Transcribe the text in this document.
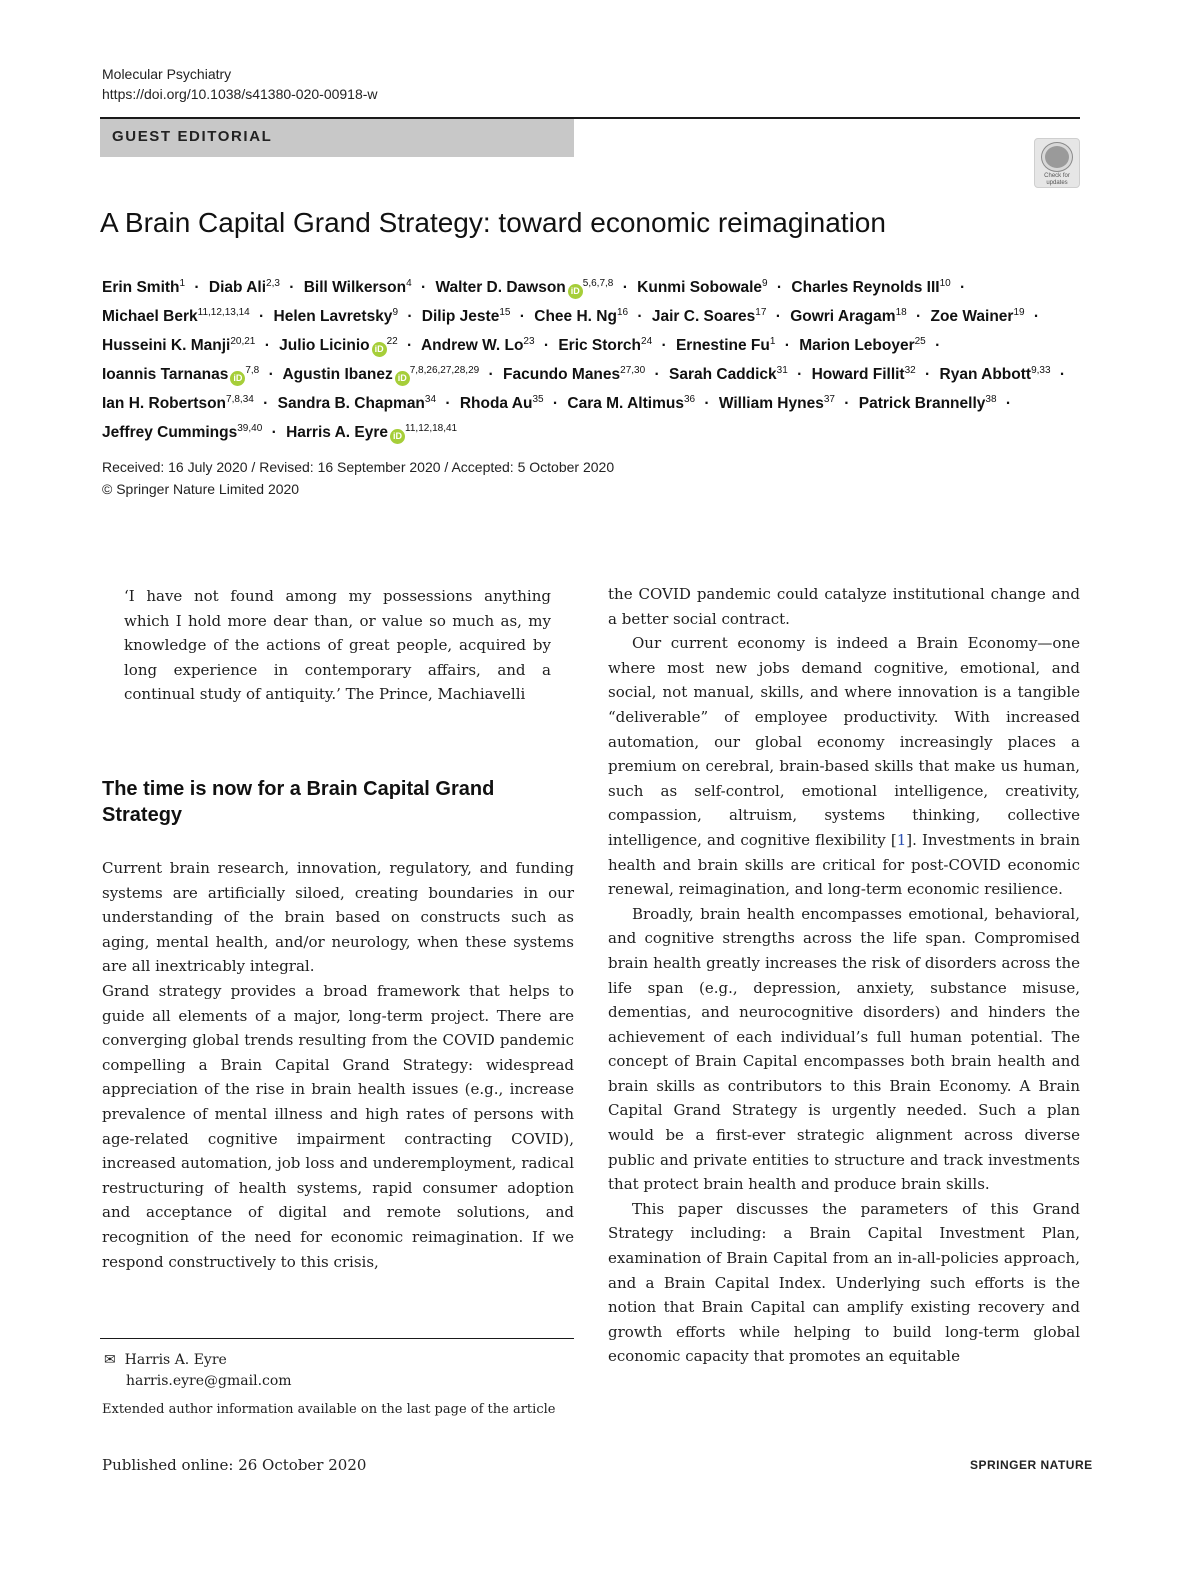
Molecular Psychiatry
https://doi.org/10.1038/s41380-020-00918-w
GUEST EDITORIAL
Check for updates
A Brain Capital Grand Strategy: toward economic reimagination
Erin Smith$^1$ · Diab Ali$^{2,3}$ · Bill Wilkerson$^4$ · Walter D. Dawson iD$^{5,6,7,8}$ · Kunmi Sobowale$^9$ · Charles Reynolds $III^{10}$ · Michael Berk$^{11,12,13,14}$ · Helen Lavretsky$^9$ · Dilip Jeste$^{15}$ · Chee H. $Ng^{16}$ · Jair C. Soares$^{17}$ · Gowri Aragam$^{18}$ · Zoe Wainer$^{19}$ · Husseini K. Manji$^{20,21}$ · Julio Licinio $iD^{22}$ · Andrew W. $Lo^{23}$ · Eric Storch$^{24}$ · Ernestine $Fu^1$ · Marion Leboyer$^{25}$ · Ioannis Tarnanas iD$^{7,8}$ · Agustin Ibanez iD$^{7,8,26,27,28,29}$ · Facundo Manes$^{27,30}$ · Sarah Caddick$^{31}$ · Howard Fillit$^{32}$ · Ryan Abbott$^{9,33}$ · Ian H. Robertson$^{7,8,34}$ · Sandra B. Chapman$^{34}$ · Rhoda $Au^{35}$ · Cara M. Altimus$^{36}$ · William Hynes$^{37}$ · Patrick Brannelly$^{38}$ · Jeffrey Cummings$^{39,40}$ · Harris A. Eyre iD$^{11,12,18,41}$
Received: 16 July 2020 / Revised: 16 September 2020 / Accepted: 5 October 2020
© Springer Nature Limited 2020
‘I have not found among my possessions anything which I hold more dear than, or value so much as, my knowledge of the actions of great people, acquired by long experience in contemporary affairs, and a continual study of antiquity.’ The Prince, Machiavelli
The time is now for a Brain Capital Grand Strategy

Current brain research, innovation, regulatory, and funding systems are artificially siloed, creating boundaries in our understanding of the brain based on constructs such as aging, mental health, and/or neurology, when these systems are all inextricably integral.

Grand strategy provides a broad framework that helps to guide all elements of a major, long-term project. There are converging global trends resulting from the COVID pandemic compelling a Brain Capital Grand Strategy: widespread appreciation of the rise in brain health issues (e.g., increase prevalence of mental illness and high rates of persons with age-related cognitive impairment contracting COVID), increased automation, job loss and underemployment, radical restructuring of health systems, rapid consumer adoption and acceptance of digital and remote solutions, and recognition of the need for economic reimagination. If we respond constructively to this crisis,

✉ Harris A. Eyre
harris.eyre@gmail.com
Extended author information available on the last page of the article

the COVID pandemic could catalyze institutional change and a better social contract.

Our current economy is indeed a Brain Economy—one where most new jobs demand cognitive, emotional, and social, not manual, skills, and where innovation is a tangible “deliverable” of employee productivity. With increased automation, our global economy increasingly places a premium on cerebral, brain-based skills that make us human, such as self-control, emotional intelligence, creativity, compassion, altruism, systems thinking, collective intelligence, and cognitive flexibility [1]. Investments in brain health and brain skills are critical for post-COVID economic renewal, reimagination, and long-term economic resilience.

Broadly, brain health encompasses emotional, behavioral, and cognitive strengths across the life span. Compromised brain health greatly increases the risk of disorders across the life span (e.g., depression, anxiety, substance misuse, dementias, and neurocognitive disorders) and hinders the achievement of each individual’s full human potential. The concept of Brain Capital encompasses both brain health and brain skills as contributors to this Brain Economy. A Brain Capital Grand Strategy is urgently needed. Such a plan would be a first-ever strategic alignment across diverse public and private entities to structure and track investments that protect brain health and produce brain skills.

This paper discusses the parameters of this Grand Strategy including: a Brain Capital Investment Plan, examination of Brain Capital from an in-all-policies approach, and a Brain Capital Index. Underlying such efforts is the notion that Brain Capital can amplify existing recovery and growth efforts while helping to build long-term global economic capacity that promotes an equitable

Published online: 26 October 2020	SPRINGER NATURE
